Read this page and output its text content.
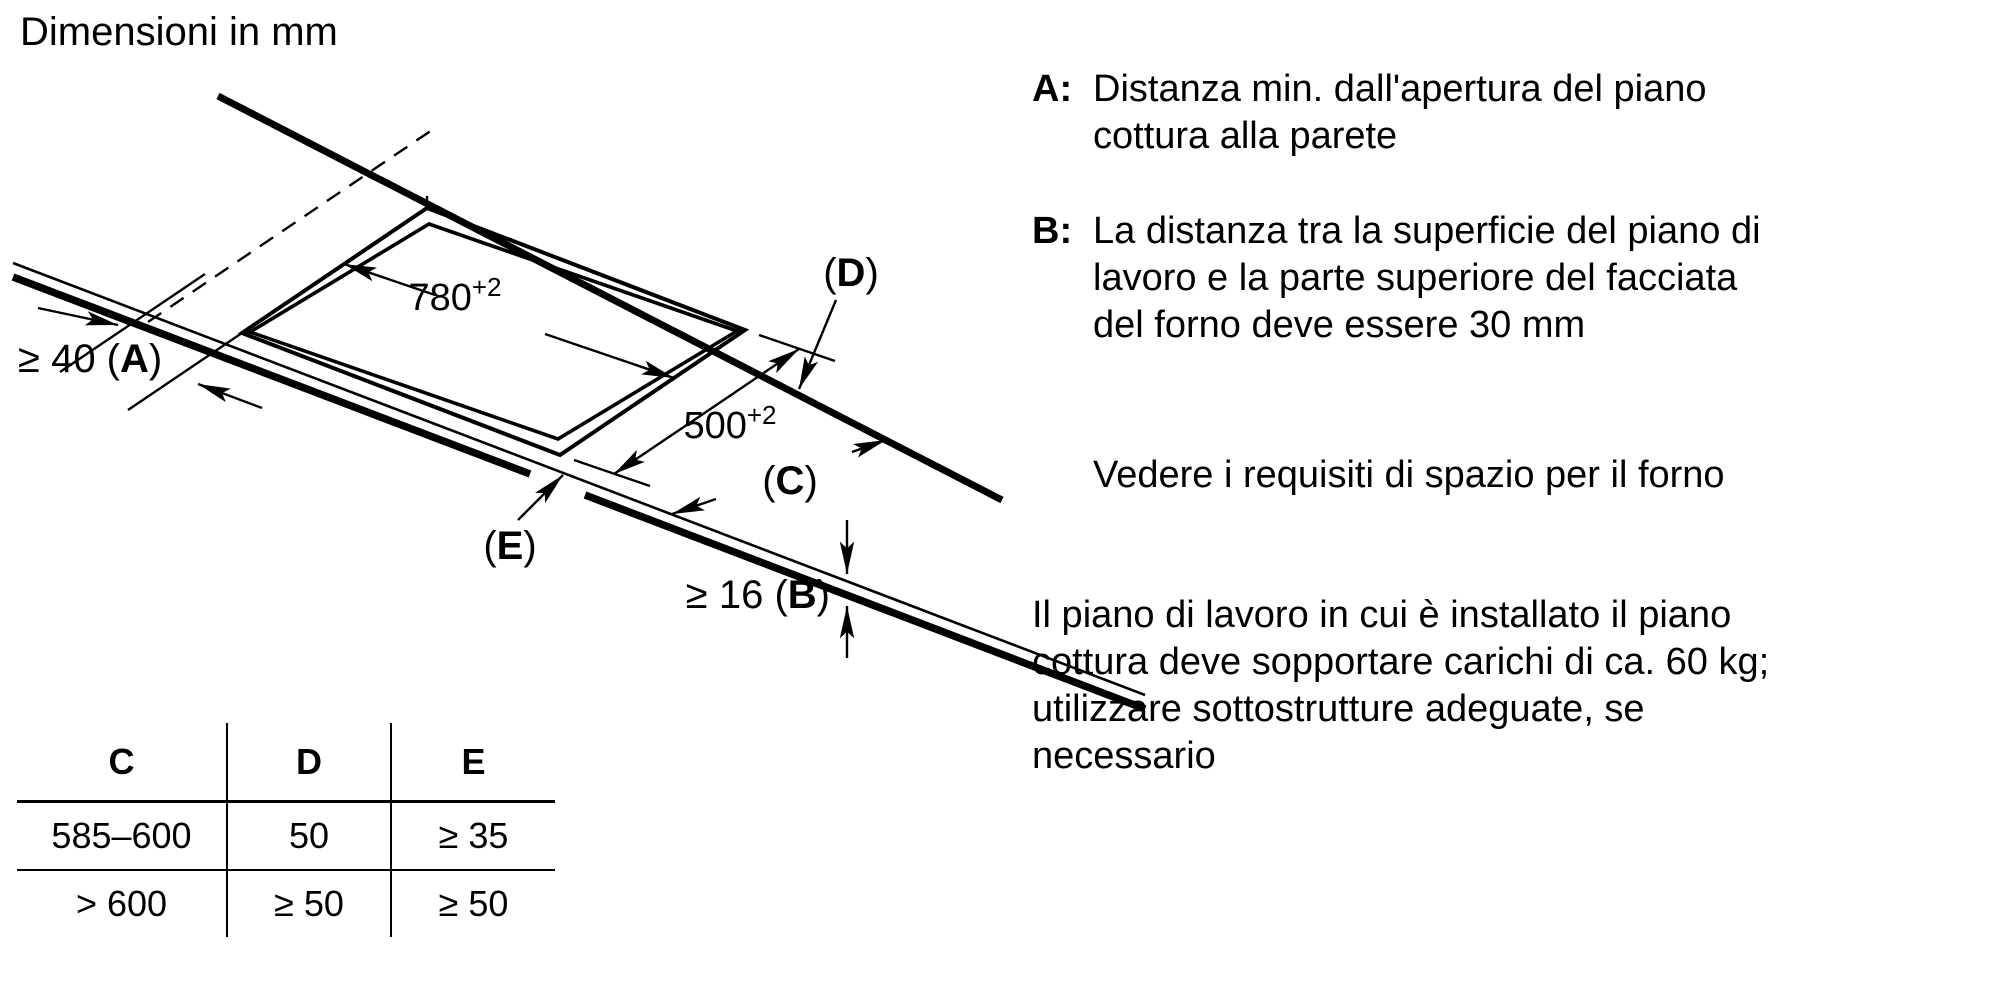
Dimensioni in mm
$780^{+2}$
$500^{+2}$
≥ 40 (A)
(D)
(C)
(E)
≥ 16 (B)
C	D	E
585–600	50	≥ 35
> 600	≥ 50	≥ 50
A: Distanza min. dall'apertura del piano
cottura alla parete
B: La distanza tra la superficie del piano di
lavoro e la parte superiore del facciata
del forno deve essere 30 mm
Vedere i requisiti di spazio per il forno
Il piano di lavoro in cui è installato il piano
cottura deve sopportare carichi di ca. 60 kg;
utilizzare sottostrutture adeguate, se
necessario
